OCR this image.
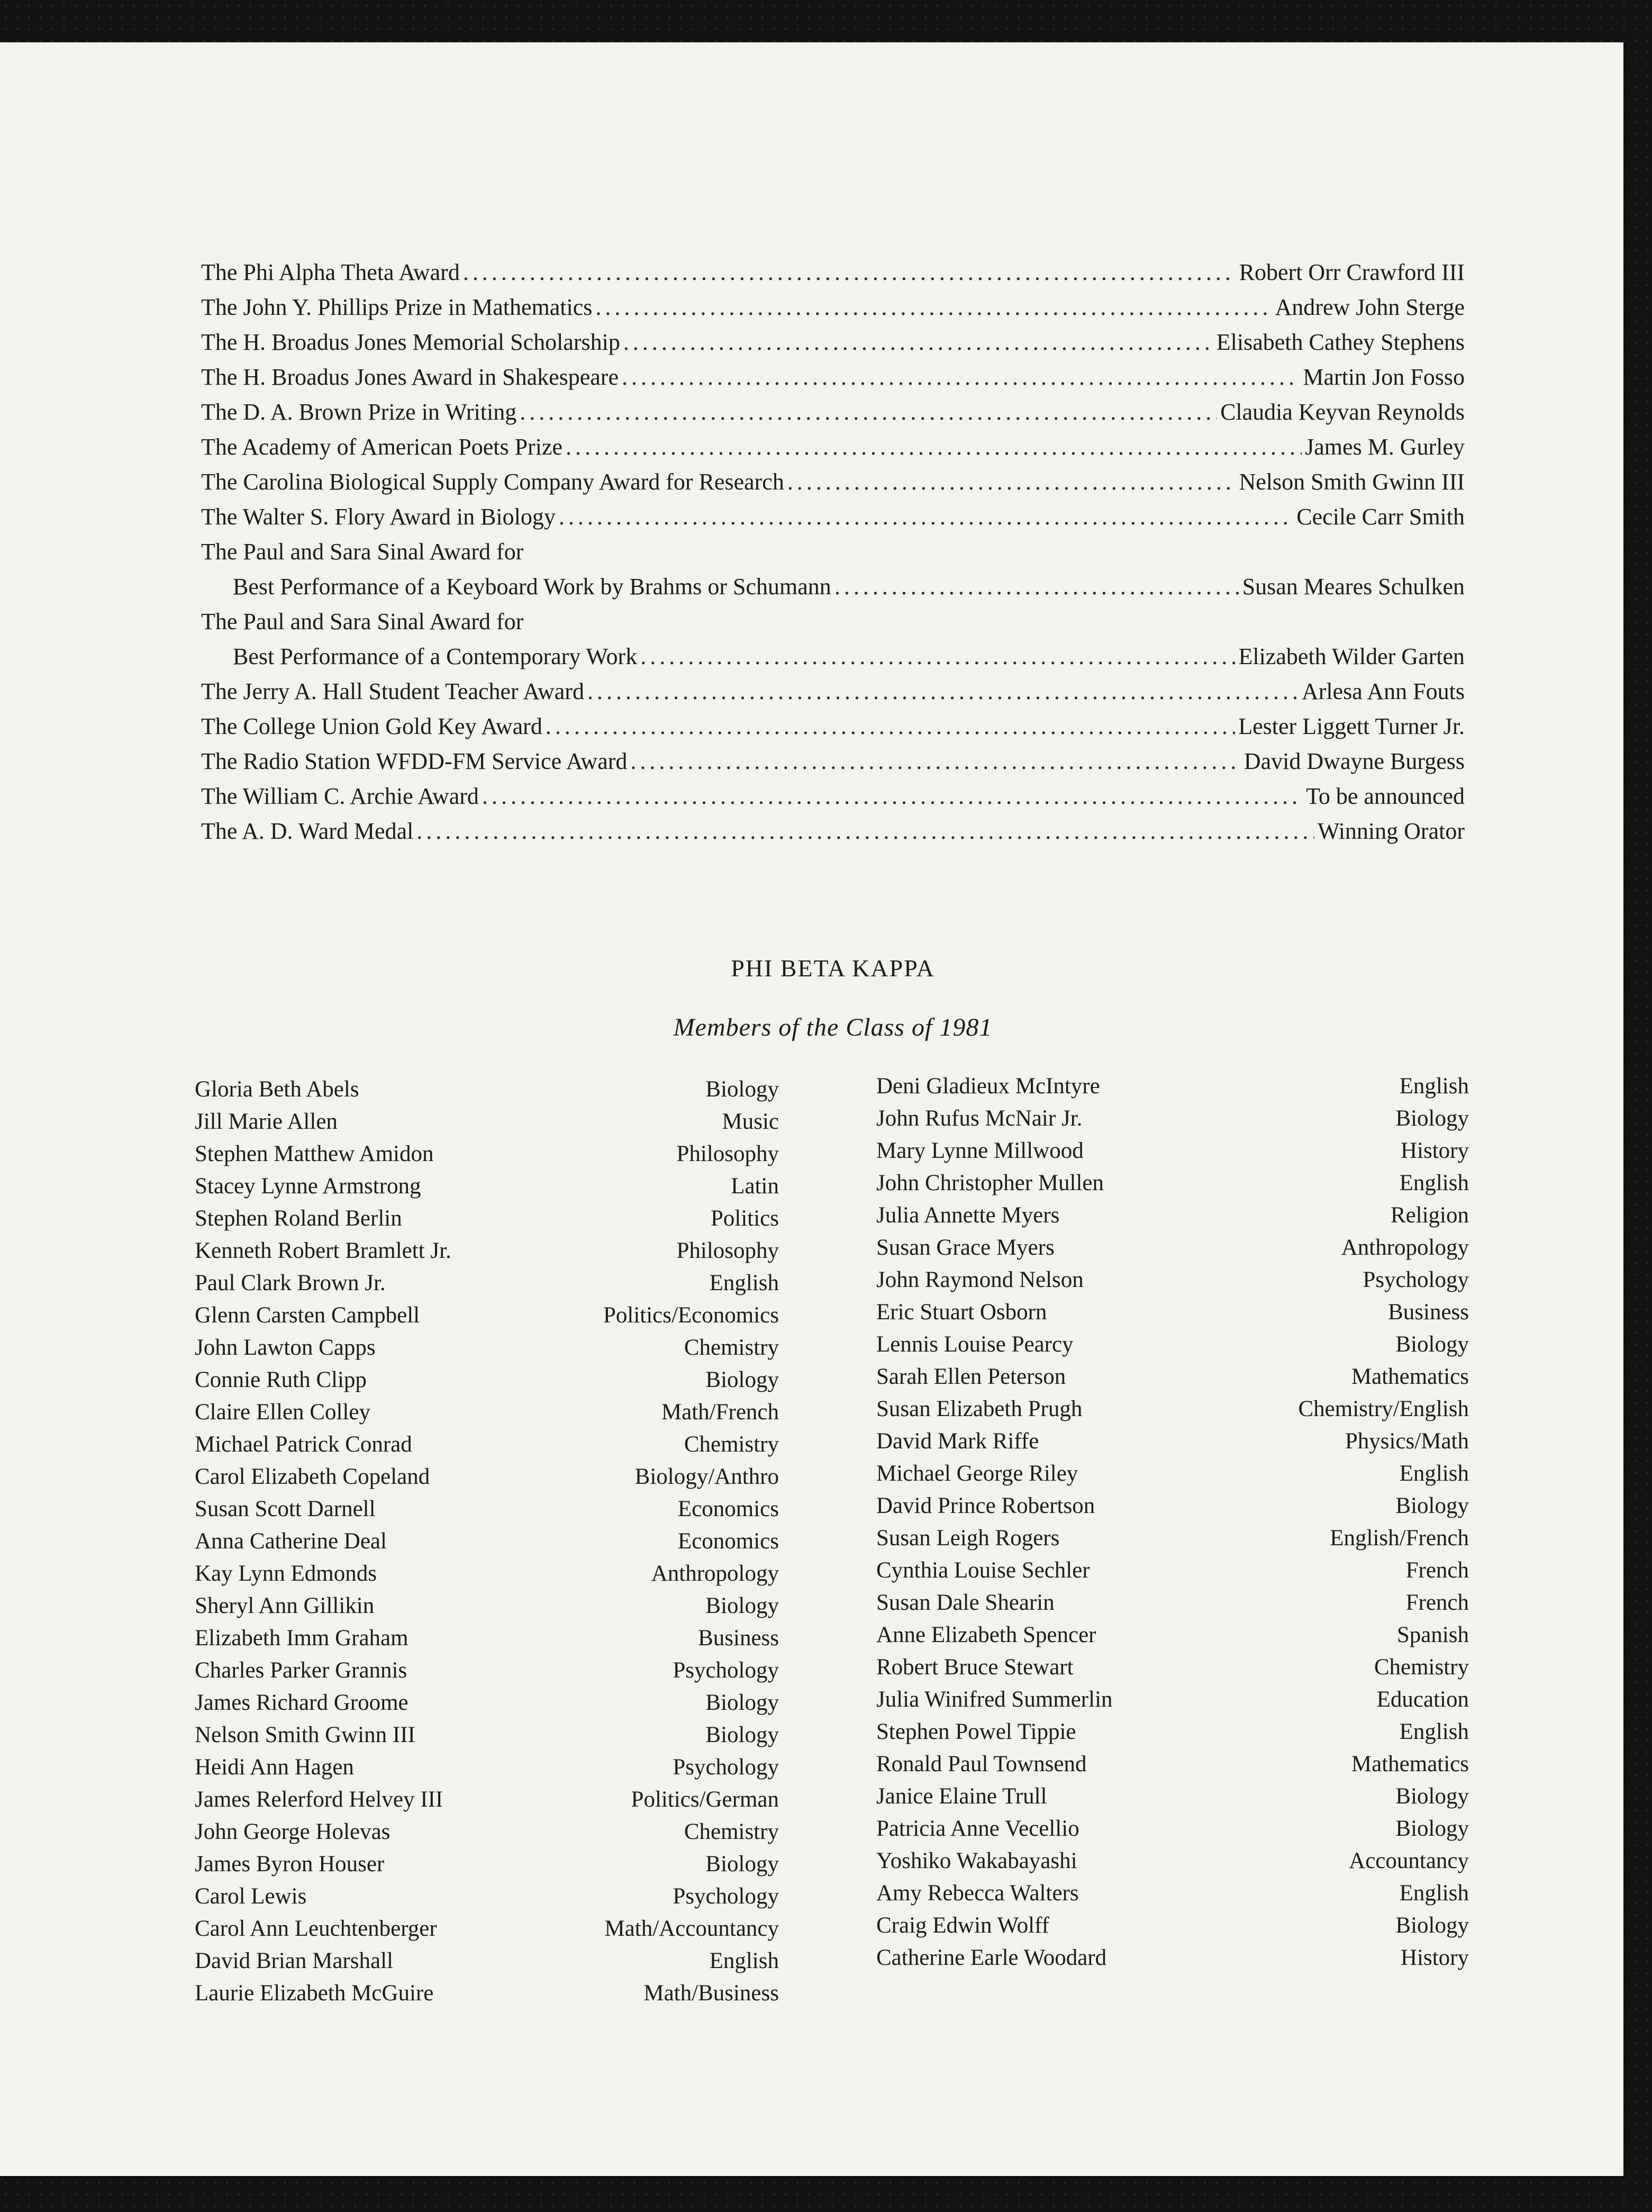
The Phi Alpha Theta Award .....	Robert Orr Crawford III
The John Y. Phillips Prize in Mathematics .....	Andrew John Sterge
The H. Broadus Jones Memorial Scholarship .....	Elisabeth Cathey Stephens
The H. Broadus Jones Award in Shakespeare .....	Martin Jon Fosso
The D. A. Brown Prize in Writing .....	Claudia Keyvan Reynolds
The Academy of American Poets Prize .....	James M. Gurley
The Carolina Biological Supply Company Award for Research .....	Nelson Smith Gwinn III
The Walter S. Flory Award in Biology .....	Cecile Carr Smith
The Paul and Sara Sinal Award for
Best Performance of a Keyboard Work by Brahms or Schumann .....	Susan Meares Schulken
The Paul and Sara Sinal Award for
Best Performance of a Contemporary Work .....	Elizabeth Wilder Garten
The Jerry A. Hall Student Teacher Award .....	Arlesa Ann Fouts
The College Union Gold Key Award .....	Lester Liggett Turner Jr.
The Radio Station WFDD-FM Service Award .....	David Dwayne Burgess
The William C. Archie Award .....	To be announced
The A. D. Ward Medal .....	Winning Orator
PHI BETA KAPPA
Members of the Class of 1981
Gloria Beth Abels	Biology
Jill Marie Allen	Music
Stephen Matthew Amidon	Philosophy
Stacey Lynne Armstrong	Latin
Stephen Roland Berlin	Politics
Kenneth Robert Bramlett Jr.	Philosophy
Paul Clark Brown Jr.	English
Glenn Carsten Campbell	Politics/Economics
John Lawton Capps	Chemistry
Connie Ruth Clipp	Biology
Claire Ellen Colley	Math/French
Michael Patrick Conrad	Chemistry
Carol Elizabeth Copeland	Biology/Anthro
Susan Scott Darnell	Economics
Anna Catherine Deal	Economics
Kay Lynn Edmonds	Anthropology
Sheryl Ann Gillikin	Biology
Elizabeth Imm Graham	Business
Charles Parker Grannis	Psychology
James Richard Groome	Biology
Nelson Smith Gwinn III	Biology
Heidi Ann Hagen	Psychology
James Relerford Helvey III	Politics/German
John George Holevas	Chemistry
James Byron Houser	Biology
Carol Lewis	Psychology
Carol Ann Leuchtenberger	Math/Accountancy
David Brian Marshall	English
Laurie Elizabeth McGuire	Math/Business
Deni Gladieux McIntyre	English
John Rufus McNair Jr.	Biology
Mary Lynne Millwood	History
John Christopher Mullen	English
Julia Annette Myers	Religion
Susan Grace Myers	Anthropology
John Raymond Nelson	Psychology
Eric Stuart Osborn	Business
Lennis Louise Pearcy	Biology
Sarah Ellen Peterson	Mathematics
Susan Elizabeth Prugh	Chemistry/English
David Mark Riffe	Physics/Math
Michael George Riley	English
David Prince Robertson	Biology
Susan Leigh Rogers	English/French
Cynthia Louise Sechler	French
Susan Dale Shearin	French
Anne Elizabeth Spencer	Spanish
Robert Bruce Stewart	Chemistry
Julia Winifred Summerlin	Education
Stephen Powel Tippie	English
Ronald Paul Townsend	Mathematics
Janice Elaine Trull	Biology
Patricia Anne Vecellio	Biology
Yoshiko Wakabayashi	Accountancy
Amy Rebecca Walters	English
Craig Edwin Wolff	Biology
Catherine Earle Woodard	History
